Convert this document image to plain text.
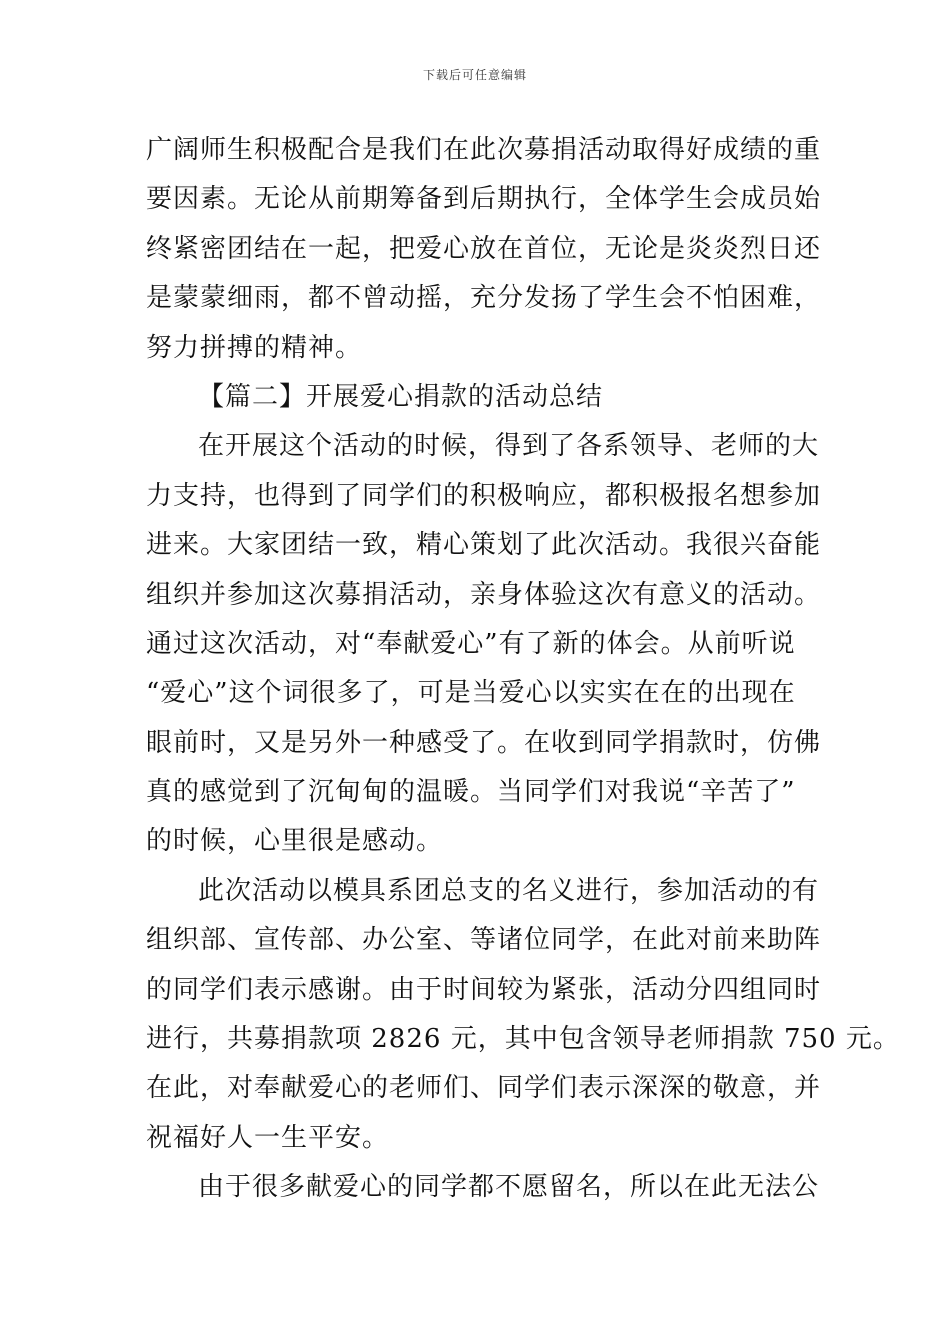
下载后可任意编辑
广阔师生积极配合是我们在此次募捐活动取得好成绩的重
要因素。无论从前期筹备到后期执行，全体学生会成员始
终紧密团结在一起，把爱心放在首位，无论是炎炎烈日还
是蒙蒙细雨，都不曾动摇，充分发扬了学生会不怕困难，
努力拼搏的精神。
【篇二】开展爱心捐款的活动总结
在开展这个活动的时候，得到了各系领导、老师的大
力支持，也得到了同学们的积极响应，都积极报名想参加
进来。大家团结一致，精心策划了此次活动。我很兴奋能
组织并参加这次募捐活动，亲身体验这次有意义的活动。
通过这次活动，对“奉献爱心”有了新的体会。从前听说
“爱心”这个词很多了，可是当爱心以实实在在的出现在
眼前时，又是另外一种感受了。在收到同学捐款时，仿佛
真的感觉到了沉甸甸的温暖。当同学们对我说“辛苦了”
的时候，心里很是感动。
此次活动以模具系团总支的名义进行，参加活动的有
组织部、宣传部、办公室、等诸位同学，在此对前来助阵
的同学们表示感谢。由于时间较为紧张，活动分四组同时
进行，共募捐款项 2826 元，其中包含领导老师捐款 750 元。
在此，对奉献爱心的老师们、同学们表示深深的敬意，并
祝福好人一生平安。
由于很多献爱心的同学都不愿留名，所以在此无法公
